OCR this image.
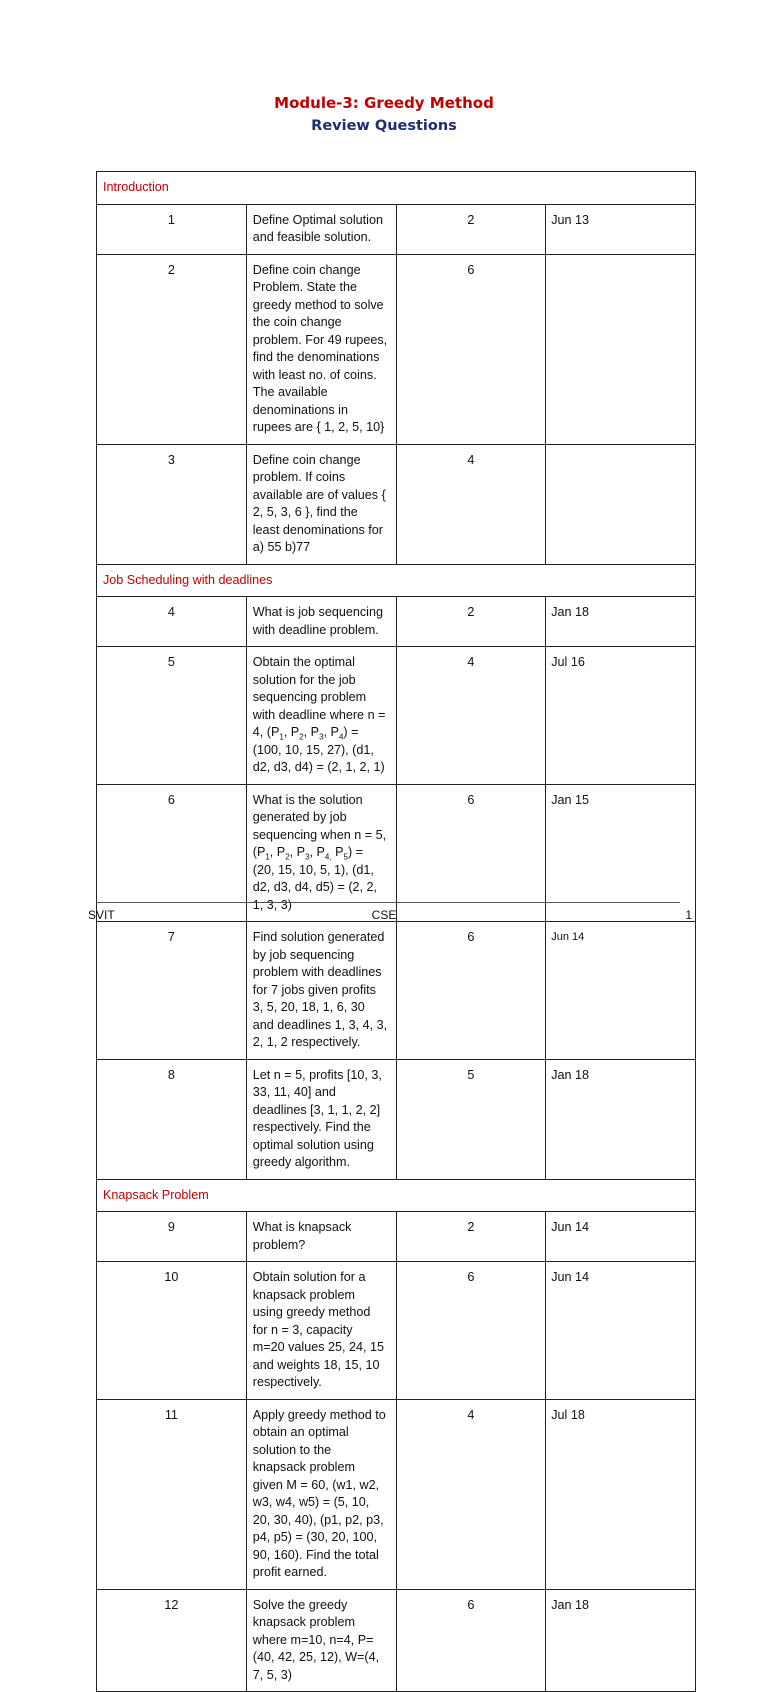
Module-3: Greedy Method
Review Questions
Introduction			
1	Define Optimal solution and feasible solution.	2	Jun 13
2	Define coin change Problem. State the greedy method to solve the coin change problem. For 49 rupees, find the denominations with least no. of coins. The available denominations in rupees are { 1, 2, 5, 10}	6	
3	Define coin change problem. If coins available are of values { 2, 5, 3, 6 }, find the least denominations for a) 55 b)77	4	
Job Scheduling with deadlines			
4	What is job sequencing with deadline problem.	2	Jan 18
5	Obtain the optimal solution for the job sequencing problem with deadline where n = 4, ($P_1$, $P_2$, $P_3$, $P_4) = (100$, 10, 15, 27), (d1, d2, d3, d4) = (2, 1, 2, 1)	4	Jul 16
6	What is the solution generated by job sequencing when n = 5, ($P_1$, $P_2$, $P_3$, $P_{4,}$ $P_5) = (20$, 15, 10, 5, 1), (d1, d2, d3, d4, d5) = (2, 2, 1, 3, 3)	6	Jan 15
7	Find solution generated by job sequencing problem with deadlines for 7 jobs given profits 3, 5, 20, 18, 1, 6, 30 and deadlines 1, 3, 4, 3, 2, 1, 2 respectively.	6	Jun 14
8	Let n = 5, profits [10, 3, 33, 11, 40] and deadlines [3, 1, 1, 2, 2] respectively. Find the optimal solution using greedy algorithm.	5	Jan 18
Knapsack Problem			
9	What is knapsack problem?	2	Jun 14
10	Obtain solution for a knapsack problem using greedy method for n = 3, capacity m=20 values 25, 24, 15 and weights 18, 15, 10 respectively.	6	Jun 14
11	Apply greedy method to obtain an optimal solution to the knapsack problem given M = 60, (w1, w2, w3, w4, w5) = (5, 10, 20, 30, 40), (p1, p2, p3, p4, p5) = (30, 20, 100, 90, 160). Find the total profit earned.	4	Jul 18
12	Solve the greedy knapsack problem where m=10, n=4, P=(40, 42, 25, 12), W=(4, 7, 5, 3)	6	Jan 18
SVIT	CSE	1
